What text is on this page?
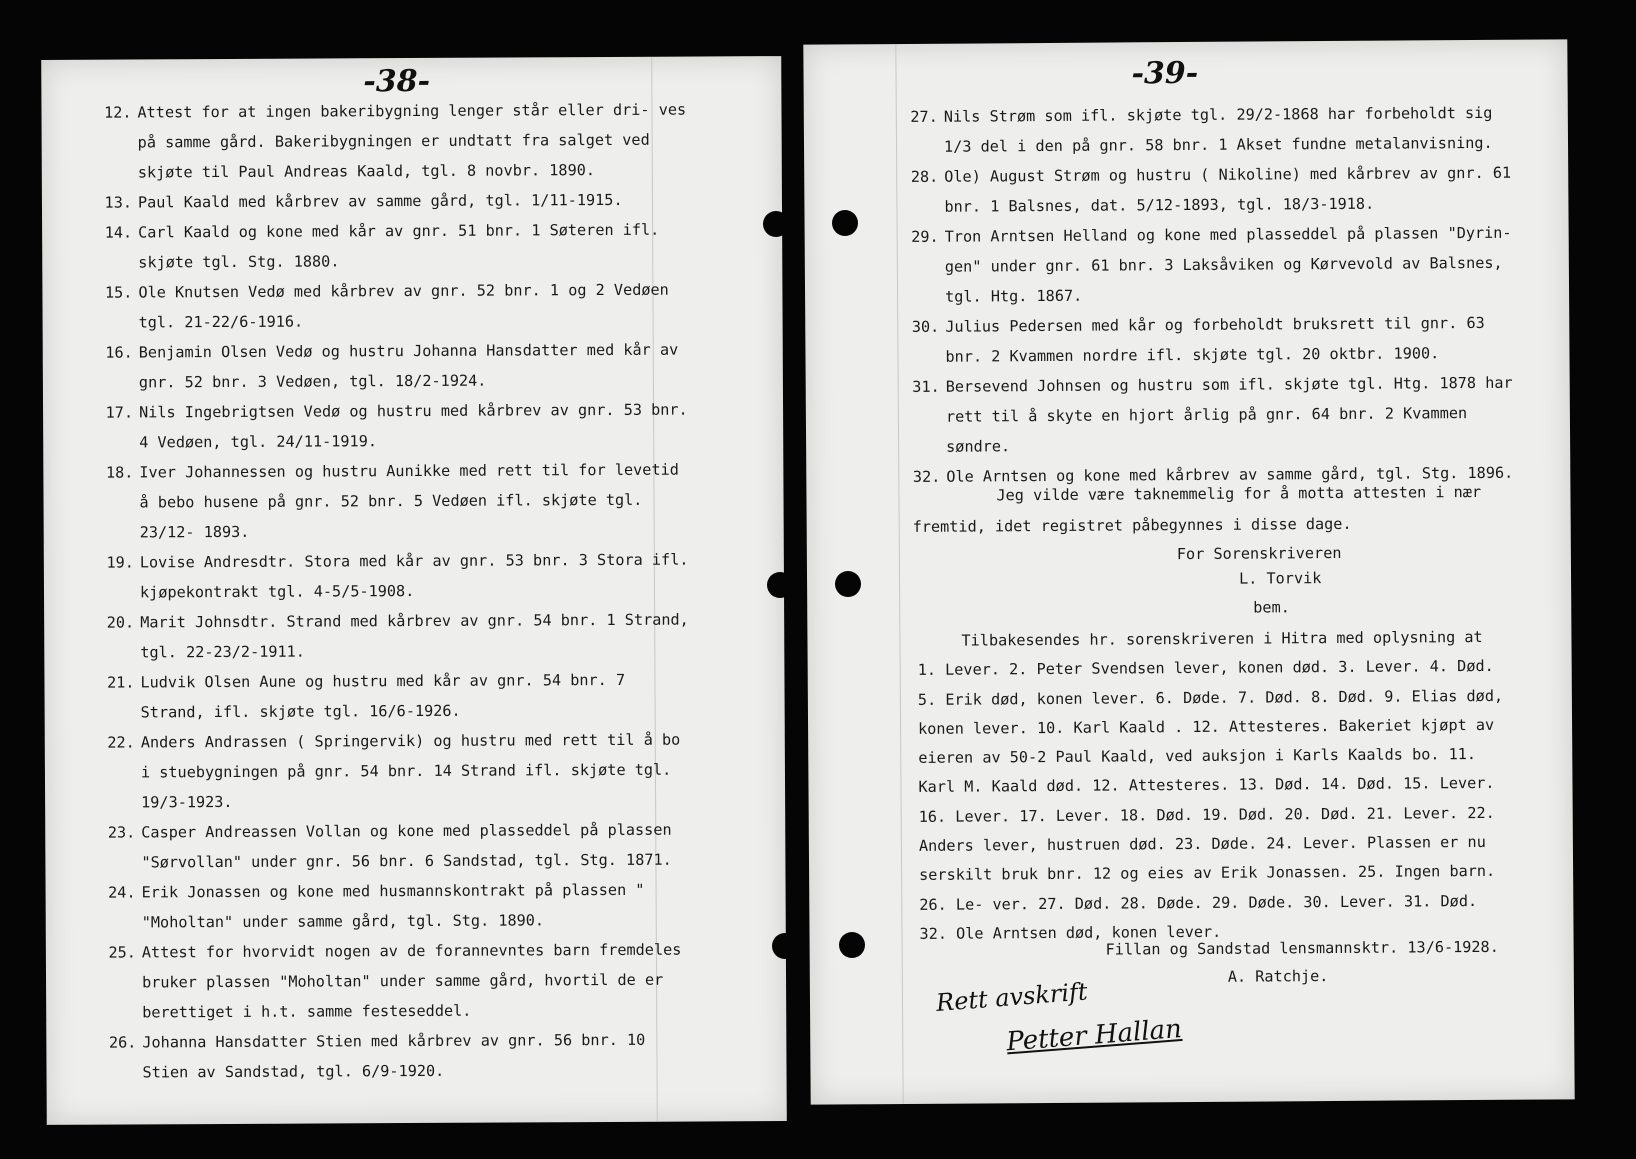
-38-
12. Attest for at ingen bakeribygning lenger står eller dri- ves på samme gård. Bakeribygningen er undtatt fra salget ved skjøte til Paul Andreas Kaald, tgl. 8 novbr. 1890.
13. Paul Kaald med kårbrev av samme gård, tgl. 1/11-1915.
14. Carl Kaald og kone med kår av gnr. 51 bnr. 1 Søteren ifl. skjøte tgl. Stg. 1880.
15. Ole Knutsen Vedø med kårbrev av gnr. 52 bnr. 1 og 2 Vedøen tgl. 21-22/6-1916.
16. Benjamin Olsen Vedø og hustru Johanna Hansdatter med kår av gnr. 52 bnr. 3 Vedøen, tgl. 18/2-1924.
17. Nils Ingebrigtsen Vedø og hustru med kårbrev av gnr. 53 bnr. 4 Vedøen, tgl. 24/11-1919.
18. Iver Johannessen og hustru Aunikke med rett til for levetid å bebo husene på gnr. 52 bnr. 5 Vedøen ifl. skjøte tgl. 23/12- 1893.
19. Lovise Andresdtr. Stora med kår av gnr. 53 bnr. 3 Stora ifl. kjøpekontrakt tgl. 4-5/5-1908.
20. Marit Johnsdtr. Strand med kårbrev av gnr. 54 bnr. 1 Strand, tgl. 22-23/2-1911.
21. Ludvik Olsen Aune og hustru med kår av gnr. 54 bnr. 7 Strand, ifl. skjøte tgl. 16/6-1926.
22. Anders Andrassen ( Springervik) og hustru med rett til å bo i stuebygningen på gnr. 54 bnr. 14 Strand ifl. skjøte tgl. 19/3-1923.
23. Casper Andreassen Vollan og kone med plasseddel på plassen "Sørvollan" under gnr. 56 bnr. 6 Sandstad, tgl. Stg. 1871.
24. Erik Jonassen og kone med husmannskontrakt på plassen " "Moholtan" under samme gård, tgl. Stg. 1890.
25. Attest for hvorvidt nogen av de forannevntes barn fremdeles bruker plassen "Moholtan" under samme gård, hvortil de er berettiget i h.t. samme festeseddel.
26. Johanna Hansdatter Stien med kårbrev av gnr. 56 bnr. 10 Stien av Sandstad, tgl. 6/9-1920.
-39-
27. Nils Strøm som ifl. skjøte tgl. 29/2-1868 har forbeholdt sig 1/3 del i den på gnr. 58 bnr. 1 Akset fundne metalanvisning.
28. Ole) August Strøm og hustru ( Nikoline) med kårbrev av gnr. 61 bnr. 1 Balsnes, dat. 5/12-1893, tgl. 18/3-1918.
29. Tron Arntsen Helland og kone med plasseddel på plassen "Dyrin- gen" under gnr. 61 bnr. 3 Laksåviken og Kørvevold av Balsnes, tgl. Htg. 1867.
30. Julius Pedersen med kår og forbeholdt bruksrett til gnr. 63 bnr. 2 Kvammen nordre ifl. skjøte tgl. 20 oktbr. 1900.
31. Bersevend Johnsen og hustru som ifl. skjøte tgl. Htg. 1878 har rett til å skyte en hjort årlig på gnr. 64 bnr. 2 Kvammen søndre.
32. Ole Arntsen og kone med kårbrev av samme gård, tgl. Stg. 1896.
Jeg vilde være taknemmelig for å motta attesten i nær fremtid, idet registret påbegynnes i disse dage.
For Sorenskriveren
L. Torvik
bem.
Tilbakesendes hr. sorenskriveren i Hitra med oplysning at 1. Lever. 2. Peter Svendsen lever, konen død. 3. Lever. 4. Død. 5. Erik død, konen lever. 6. Døde. 7. Død. 8. Død. 9. Elias død, konen lever. 10. Karl Kaald . 12. Attesteres. Bakeriet kjøpt av eieren av 50-2 Paul Kaald, ved auksjon i Karls Kaalds bo. 11. Karl M. Kaald død. 12. Attesteres. 13. Død. 14. Død. 15. Lever. 16. Lever. 17. Lever. 18. Død. 19. Død. 20. Død. 21. Lever. 22. Anders lever, hustruen død. 23. Døde. 24. Lever. Plassen er nu serskilt bruk bnr. 12 og eies av Erik Jonassen. 25. Ingen barn. 26. Le- ver. 27. Død. 28. Døde. 29. Døde. 30. Lever. 31. Død. 32. Ole Arntsen død, konen lever.
Fillan og Sandstad lensmannsktr. 13/6-1928.
A. Ratchje.
Rett avskrift
Petter Hallan
